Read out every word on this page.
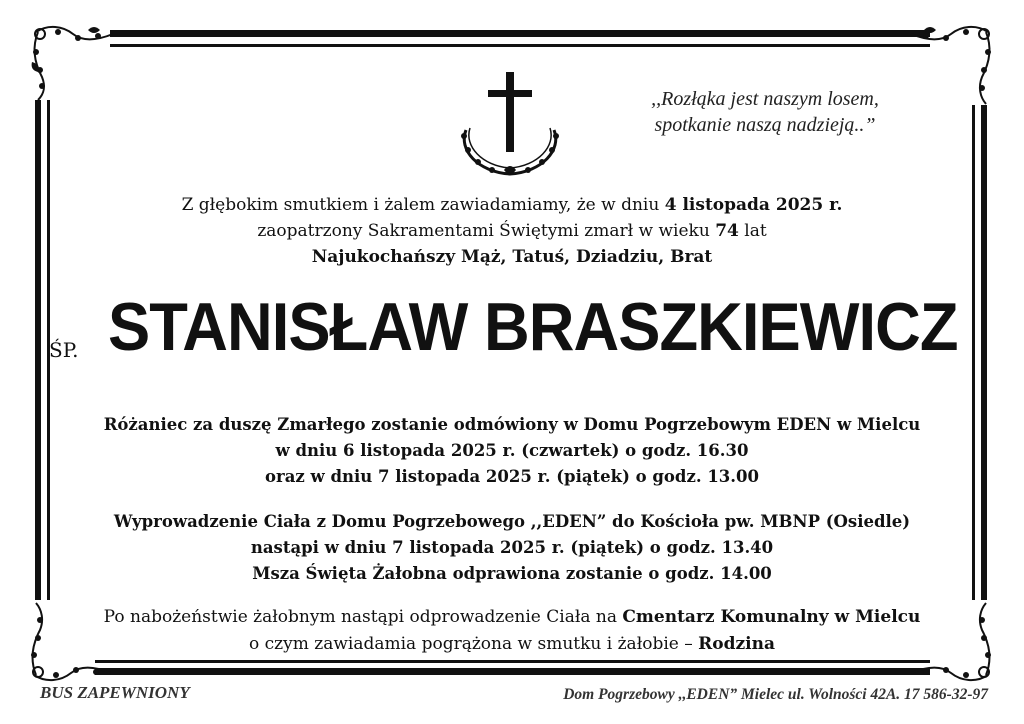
,,Rozłąka jest naszym losem,
spotkanie naszą nadzieją..”
Z głębokim smutkiem i żalem zawiadamiamy, że w dniu 4 listopada 2025 r.
zaopatrzony Sakramentami Świętymi zmarł w wieku 74 lat
Najukochańszy Mąż, Tatuś, Dziadziu, Brat
ŚP. STANISŁAW BRASZKIEWICZ
Różaniec za duszę Zmarłego zostanie odmówiony w Domu Pogrzebowym EDEN w Mielcu
w dniu 6 listopada 2025 r. (czwartek) o godz. 16.30
oraz w dniu 7 listopada 2025 r. (piątek) o godz. 13.00
Wyprowadzenie Ciała z Domu Pogrzebowego ,,EDEN” do Kościoła pw. MBNP (Osiedle)
nastąpi w dniu 7 listopada 2025 r. (piątek) o godz. 13.40
Msza Święta Żałobna odprawiona zostanie o godz. 14.00
Po nabożeństwie żałobnym nastąpi odprowadzenie Ciała na Cmentarz Komunalny w Mielcu
o czym zawiadamia pogrążona w smutku i żałobie – Rodzina
BUS ZAPEWNIONY	Dom Pogrzebowy ,,EDEN” Mielec ul. Wolności 42A. 17 586-32-97
